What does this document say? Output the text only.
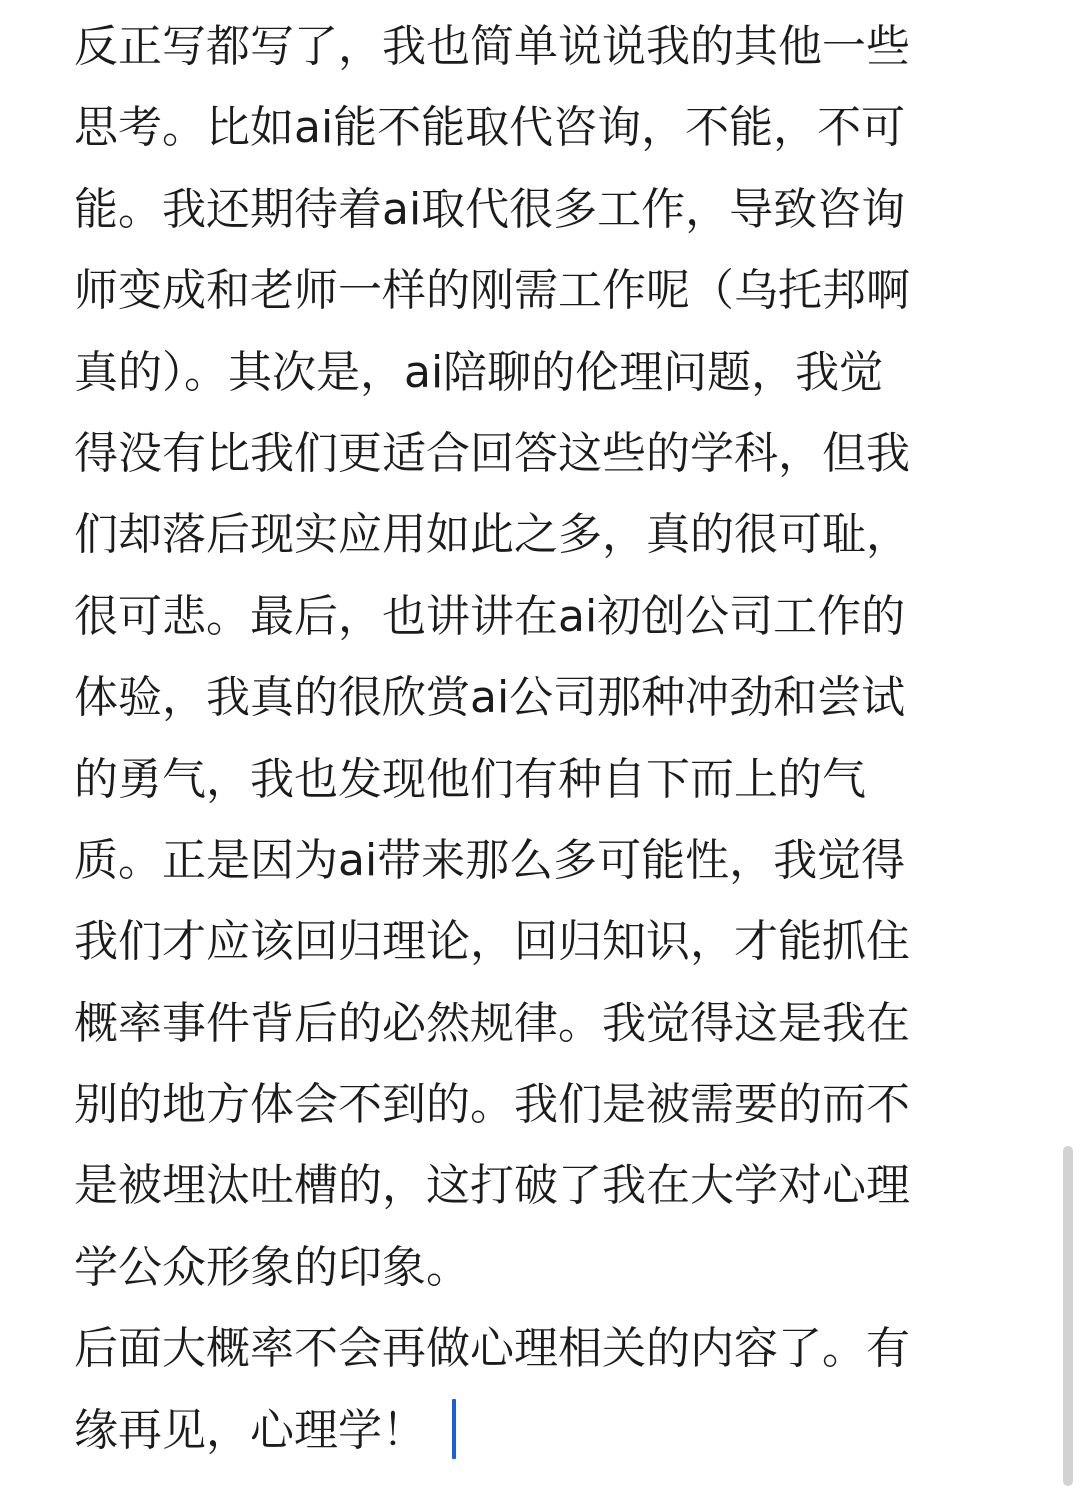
反正写都写了，我也简单说说我的其他一些
思考。比如ai能不能取代咨询，不能，不可
能。我还期待着ai取代很多工作，导致咨询
师变成和老师一样的刚需工作呢（乌托邦啊
真的）。其次是，ai陪聊的伦理问题，我觉
得没有比我们更适合回答这些的学科，但我
们却落后现实应用如此之多，真的很可耻，
很可悲。最后，也讲讲在ai初创公司工作的
体验，我真的很欣赏ai公司那种冲劲和尝试
的勇气，我也发现他们有种自下而上的气
质。正是因为ai带来那么多可能性，我觉得
我们才应该回归理论，回归知识，才能抓住
概率事件背后的必然规律。我觉得这是我在
别的地方体会不到的。我们是被需要的而不
是被埋汰吐槽的，这打破了我在大学对心理
学公众形象的印象。
后面大概率不会再做心理相关的内容了。有
缘再见，心理学！
